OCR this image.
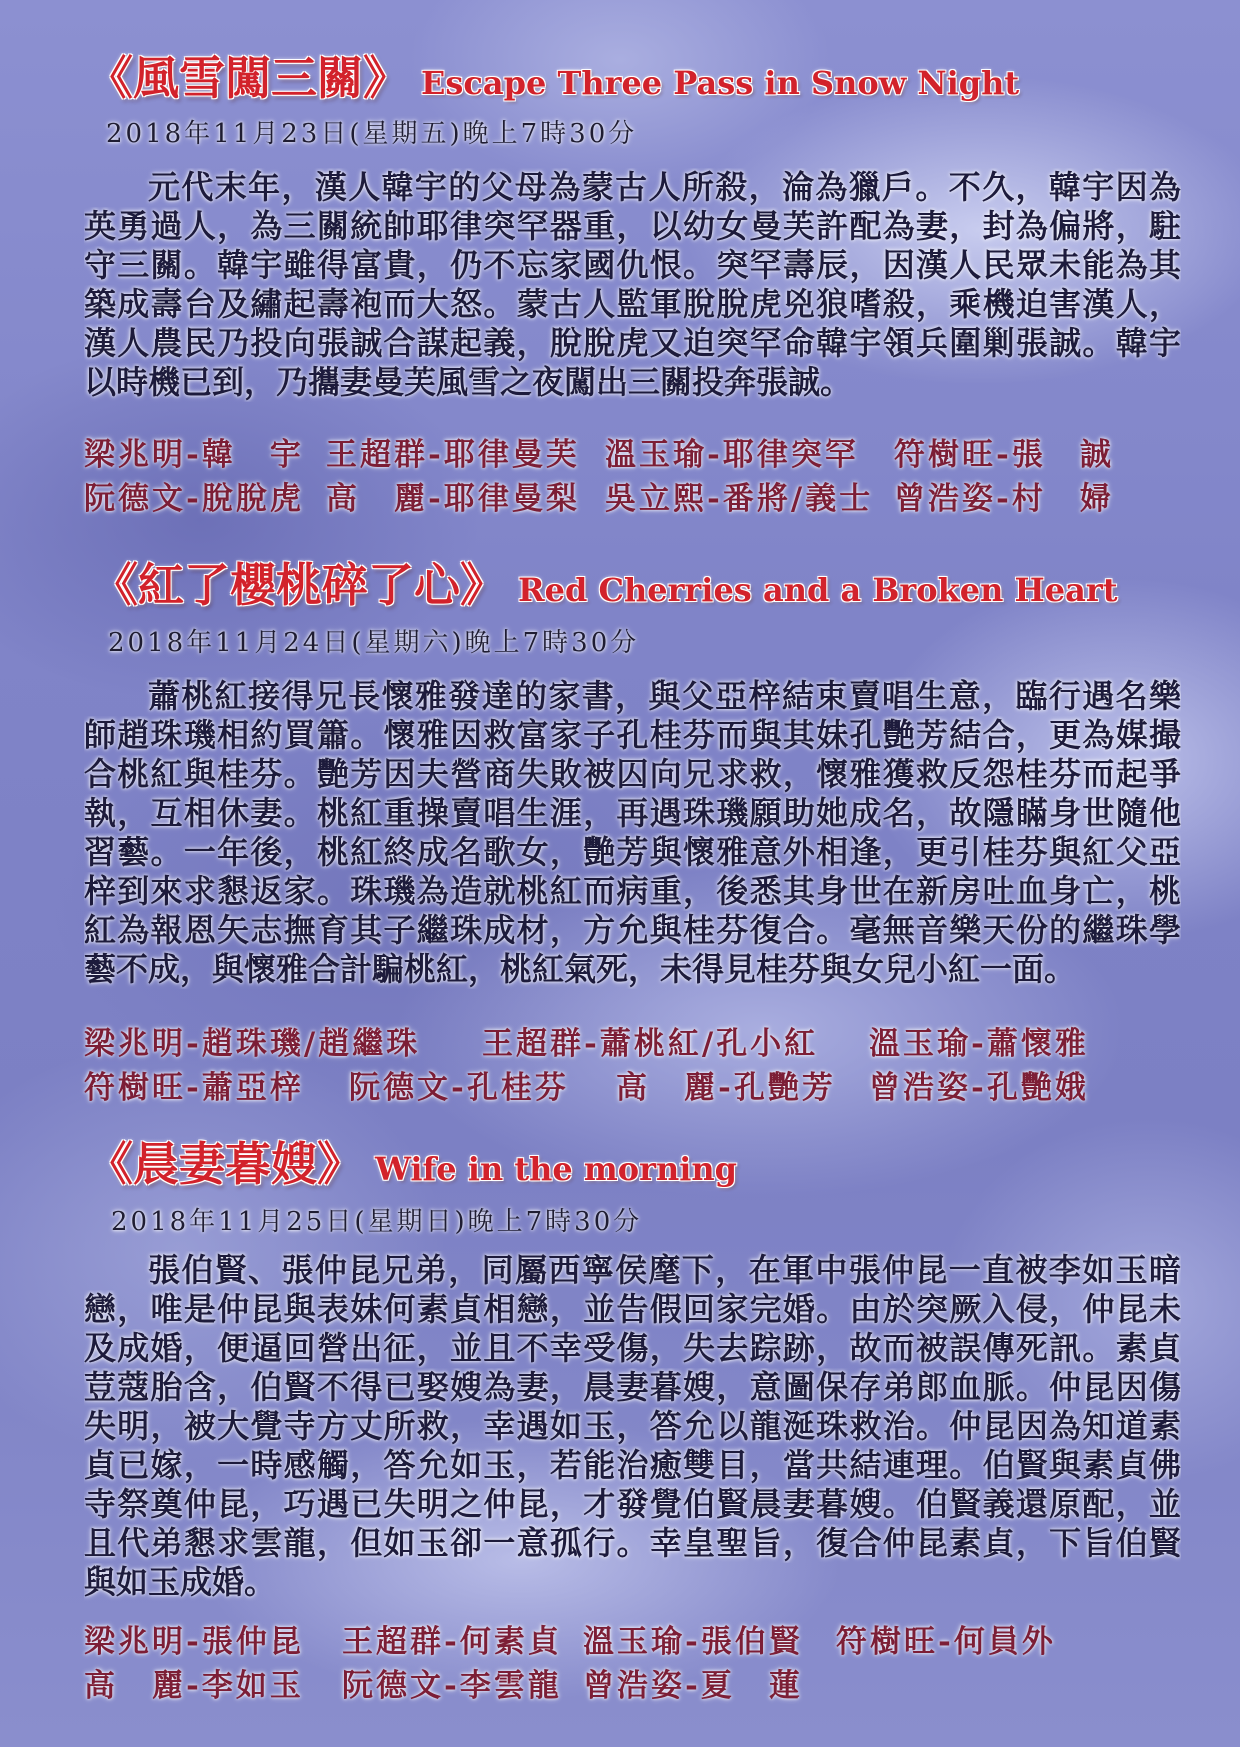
《風雪闖三關》 Escape Three Pass in Snow Night
2018年11月23日(星期五)晚上7時30分
元代末年，漢人韓宇的父母為蒙古人所殺，淪為獵戶。不久，韓宇因為
英勇過人，為三關統帥耶律突罕器重，以幼女曼芙許配為妻，封為偏將，駐
守三關。韓宇雖得富貴，仍不忘家國仇恨。突罕壽辰，因漢人民眾未能為其
築成壽台及繡起壽袍而大怒。蒙古人監軍脫脫虎兇狼嗜殺，乘機迫害漢人，
漢人農民乃投向張誠合謀起義，脫脫虎又迫突罕命韓宇領兵圍剿張誠。韓宇
以時機已到，乃攜妻曼芙風雪之夜闖出三關投奔張誠。
梁兆明-韓　宇 王超群-耶律曼芙 溫玉瑜-耶律突罕 符樹旺-張　誠
阮德文-脫脫虎 高　麗-耶律曼梨 吳立熙-番將/義士 曾浩姿-村　婦
《紅了櫻桃碎了心》 Red Cherries and a Broken Heart
2018年11月24日(星期六)晚上7時30分
蕭桃紅接得兄長懷雅發達的家書，與父亞梓結束賣唱生意，臨行遇名樂
師趙珠璣相約買簫。懷雅因救富家子孔桂芬而與其妹孔艷芳結合，更為媒撮
合桃紅與桂芬。艷芳因夫營商失敗被囚向兄求救，懷雅獲救反怨桂芬而起爭
執，互相休妻。桃紅重操賣唱生涯，再遇珠璣願助她成名，故隱瞞身世隨他
習藝。一年後，桃紅終成名歌女，艷芳與懷雅意外相逢，更引桂芬與紅父亞
梓到來求懇返家。珠璣為造就桃紅而病重，後悉其身世在新房吐血身亡，桃
紅為報恩矢志撫育其子繼珠成材，方允與桂芬復合。毫無音樂天份的繼珠學
藝不成，與懷雅合計騙桃紅，桃紅氣死，未得見桂芬與女兒小紅一面。
梁兆明-趙珠璣/趙繼珠 王超群-蕭桃紅/孔小紅 溫玉瑜-蕭懷雅
符樹旺-蕭亞梓 阮德文-孔桂芬 高　麗-孔艷芳 曾浩姿-孔艷娥
《晨妻暮嫂》 Wife in the morning
2018年11月25日(星期日)晚上7時30分
張伯賢、張仲昆兄弟，同屬西寧侯麾下，在軍中張仲昆一直被李如玉暗
戀，唯是仲昆與表妹何素貞相戀，並告假回家完婚。由於突厥入侵，仲昆未
及成婚，便逼回營出征，並且不幸受傷，失去踪跡，故而被誤傳死訊。素貞
荳蔻胎含，伯賢不得已娶嫂為妻，晨妻暮嫂，意圖保存弟郎血脈。仲昆因傷
失明，被大覺寺方丈所救，幸遇如玉，答允以龍涎珠救治。仲昆因為知道素
貞已嫁，一時感觸，答允如玉，若能治癒雙目，當共結連理。伯賢與素貞佛
寺祭奠仲昆，巧遇已失明之仲昆，才發覺伯賢晨妻暮嫂。伯賢義還原配，並
且代弟懇求雲龍，但如玉卻一意孤行。幸皇聖旨，復合仲昆素貞，下旨伯賢
與如玉成婚。
梁兆明-張仲昆 王超群-何素貞 溫玉瑜-張伯賢 符樹旺-何員外
高　麗-李如玉 阮德文-李雲龍 曾浩姿-夏　蓮
